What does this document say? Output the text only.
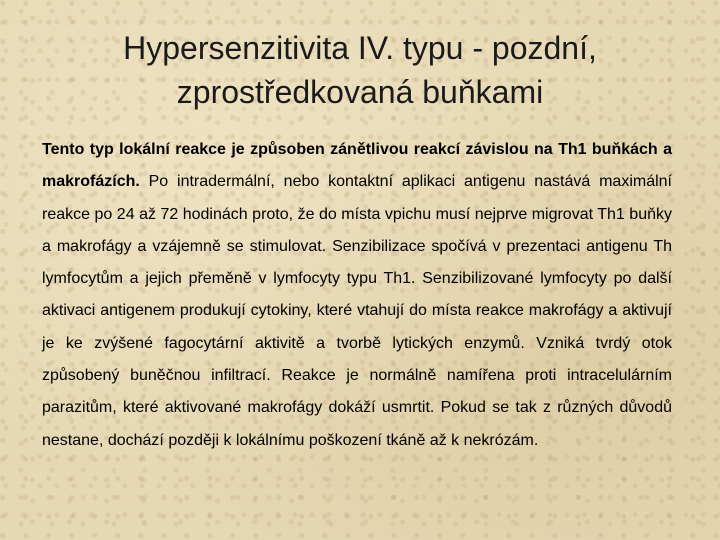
Hypersenzitivita IV. typu - pozdní, zprostředkovaná buňkami

Tento typ lokální reakce je způsoben zánětlivou reakcí závislou na Th1 buňkách a makrofázích. Po intradermální, nebo kontaktní aplikaci antigenu nastává maximální reakce po 24 až 72 hodinách proto, že do místa vpichu musí nejprve migrovat Th1 buňky a makrofágy a vzájemně se stimulovat. Senzibilizace spočívá v prezentaci antigenu Th lymfocytům a jejich přeměně v lymfocyty typu Th1. Senzibilizované lymfocyty po další aktivaci antigenem produkují cytokiny, které vtahují do místa reakce makrofágy a aktivují je ke zvýšené fagocytární aktivitě a tvorbě lytických enzymů. Vzniká tvrdý otok způsobený buněčnou infiltrací. Reakce je normálně namířena proti intracelulárním parazitům, které aktivované makrofágy dokáží usmrtit. Pokud se tak z různých důvodů nestane, dochází později k lokálnímu poškození tkáně až k nekrózám.
